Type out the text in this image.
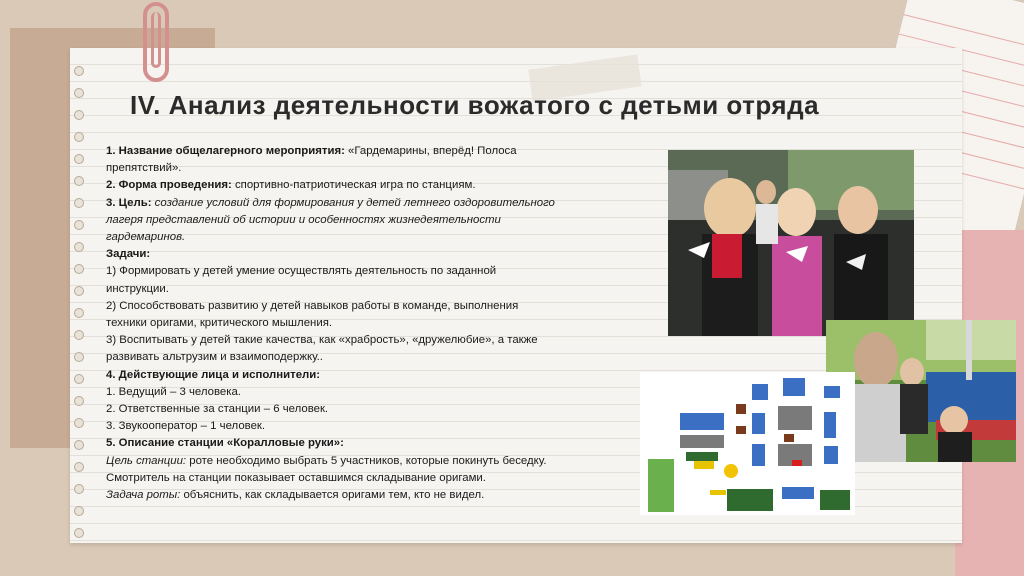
IV. Анализ деятельности вожатого с детьми отряда

1. Название общелагерного мероприятия: «Гардемарины, вперёд! Полоса

препятствий».

2. Форма проведения: спортивно-патриотическая игра по станциям.

3. Цель: создание условий для формирования у детей летнего оздоровительного

лагеря представлений об истории и особенностях жизнедеятельности

гардемаринов.

Задачи:

1) Формировать у детей умение осуществлять деятельность по заданной

инструкции.

2) Способствовать развитию у детей навыков работы в команде, выполнения

техники оригами, критического мышления.

3) Воспитывать у детей такие качества, как «храбрость», «дружелюбие», а также

развивать альтрузим и взаимоподержку..

4. Действующие лица и исполнители:

1. Ведущий – 3 человека.

2. Ответственные за станции – 6 человек.

3. Звукооператор – 1 человек.

5. Описание станции «Коралловые руки»:

Цель станции: роте необходимо выбрать 5 участников, которые покинуть беседку.

Смотритель на станции показывает оставшимся складывание оригами.

Задача роты: объяснить, как складывается оригами тем, кто не видел.
